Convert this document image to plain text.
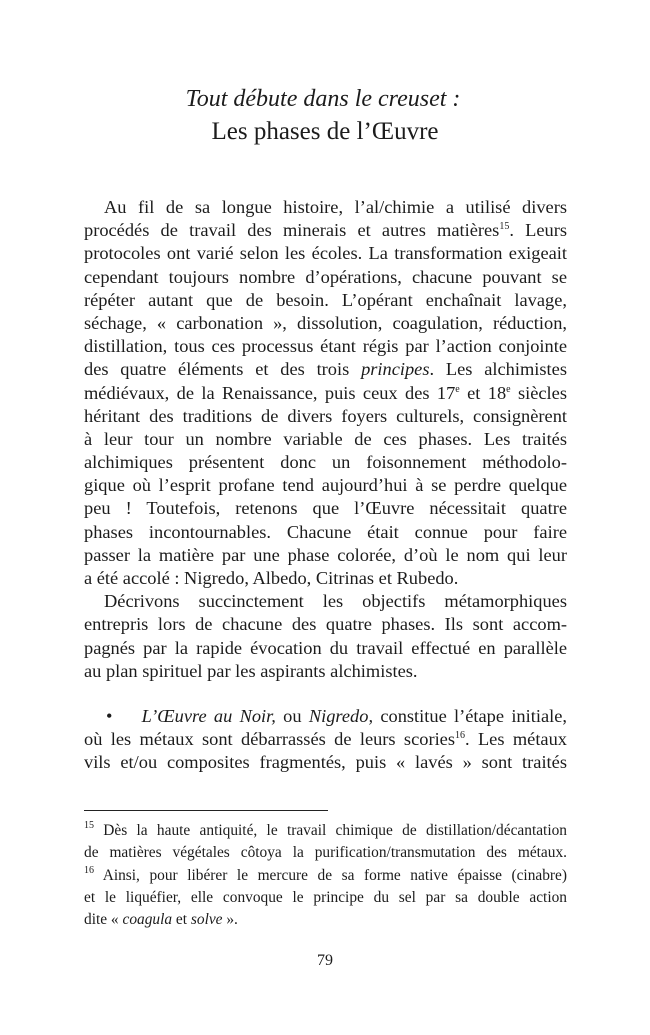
Tout débute dans le creuset :
Les phases de l’Œuvre
Au fil de sa longue histoire, l’al/chimie a utilisé divers
procédés de travail des minerais et autres matières$^{15}$. Leurs
protocoles ont varié selon les écoles. La transformation exigeait
cependant toujours nombre d’opérations, chacune pouvant se
répéter autant que de besoin. L’opérant enchaînait lavage,
séchage, « carbonation », dissolution, coagulation, réduction,
distillation, tous ces processus étant régis par l’action conjointe
des quatre éléments et des trois principes. Les alchimistes
médiévaux, de la Renaissance, puis ceux des 17e et 18e siècles
héritant des traditions de divers foyers culturels, consignèrent
à leur tour un nombre variable de ces phases. Les traités
alchimiques présentent donc un foisonnement méthodolo-
gique où l’esprit profane tend aujourd’hui à se perdre quelque
peu ! Toutefois, retenons que l’Œuvre nécessitait quatre
phases incontournables. Chacune était connue pour faire
passer la matière par une phase colorée, d’où le nom qui leur
a été accolé : Nigredo, Albedo, Citrinas et Rubedo.
Décrivons succinctement les objectifs métamorphiques
entrepris lors de chacune des quatre phases. Ils sont accom-
pagnés par la rapide évocation du travail effectué en parallèle
au plan spirituel par les aspirants alchimistes.
• L’Œuvre au Noir, ou Nigredo, constitue l’étape initiale,
où les métaux sont débarrassés de leurs scories$^{16}$. Les métaux
vils et/ou composites fragmentés, puis « lavés » sont traités
$^{15}$ Dès la haute antiquité, le travail chimique de distillation/décantation
de matières végétales côtoya la purification/transmutation des métaux.
$^{16}$ Ainsi, pour libérer le mercure de sa forme native épaisse (cinabre)
et le liquéfier, elle convoque le principe du sel par sa double action
dite « coagula et solve ».
79
